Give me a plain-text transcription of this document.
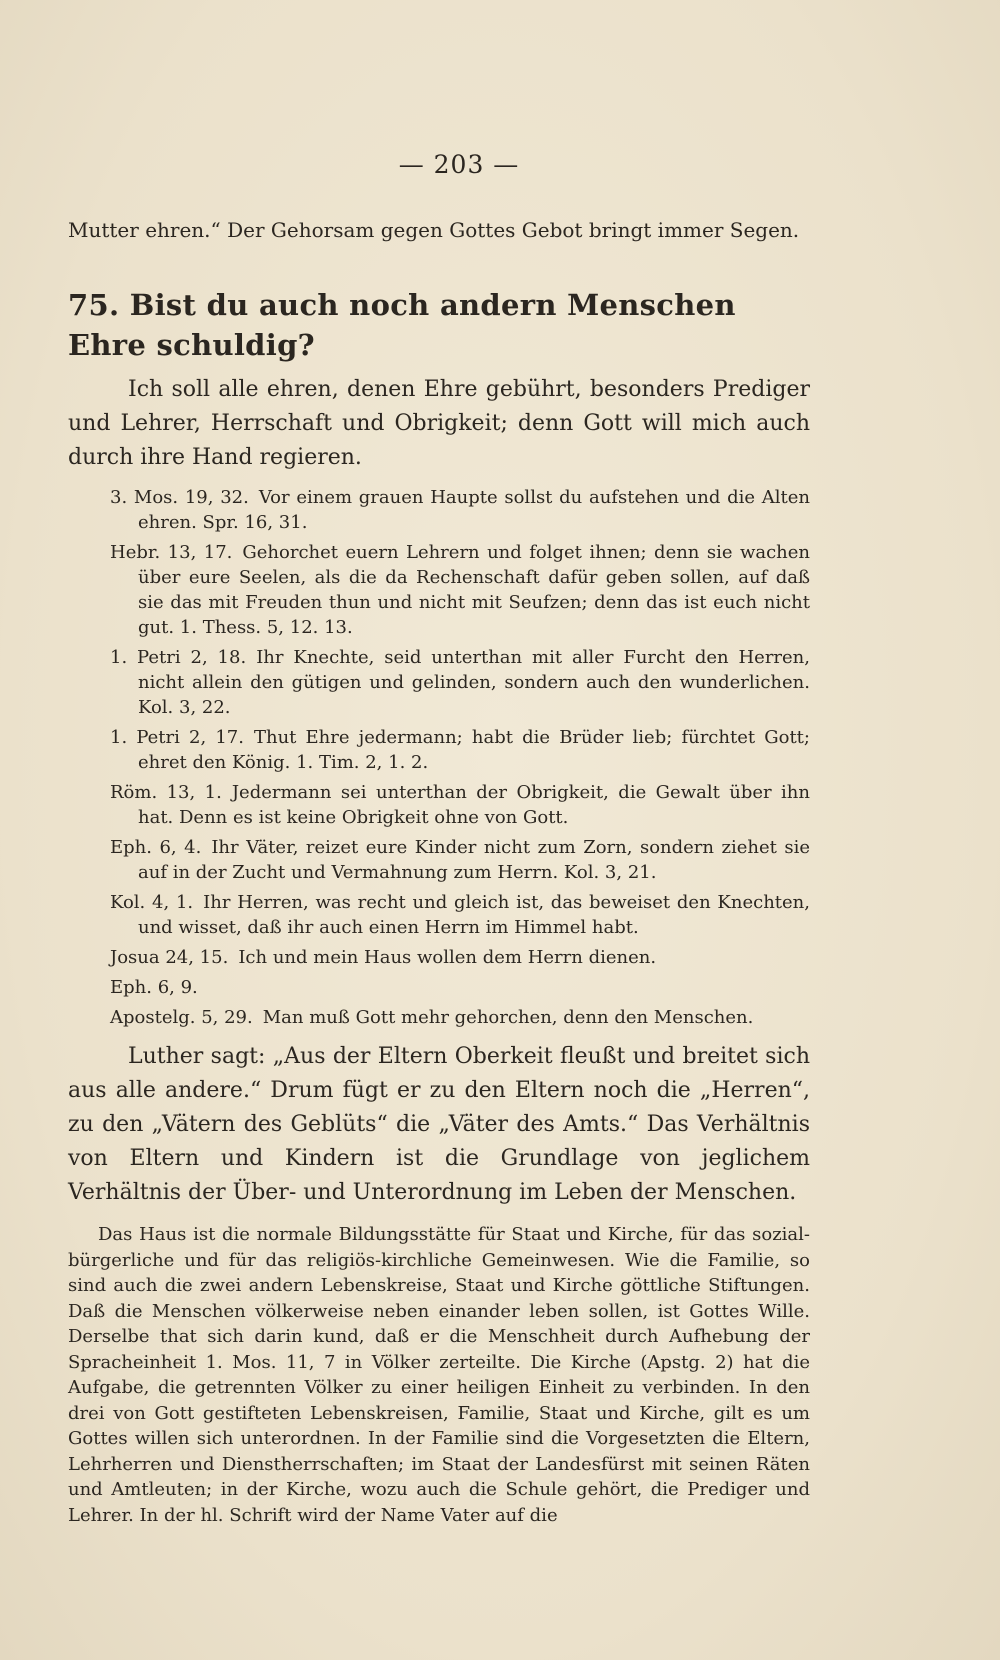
— 203 —

Mutter ehren.“ Der Gehorsam gegen Gottes Gebot bringt immer Segen.

75. Bist du auch noch andern Menschen Ehre schuldig?

Ich soll alle ehren, denen Ehre gebührt, besonders Prediger und Lehrer, Herrschaft und Obrigkeit; denn Gott will mich auch durch ihre Hand regieren.

3. Mos. 19, 32. Vor einem grauen Haupte sollst du aufstehen und die Alten ehren. Spr. 16, 31.

Hebr. 13, 17. Gehorchet euern Lehrern und folget ihnen; denn sie wachen über eure Seelen, als die da Rechenschaft dafür geben sollen, auf daß sie das mit Freuden thun und nicht mit Seufzen; denn das ist euch nicht gut. 1. Thess. 5, 12. 13.

1. Petri 2, 18. Ihr Knechte, seid unterthan mit aller Furcht den Herren, nicht allein den gütigen und gelinden, sondern auch den wunderlichen. Kol. 3, 22.

1. Petri 2, 17. Thut Ehre jedermann; habt die Brüder lieb; fürchtet Gott; ehret den König. 1. Tim. 2, 1. 2.

Röm. 13, 1. Jedermann sei unterthan der Obrigkeit, die Gewalt über ihn hat. Denn es ist keine Obrigkeit ohne von Gott.

Eph. 6, 4. Ihr Väter, reizet eure Kinder nicht zum Zorn, sondern ziehet sie auf in der Zucht und Vermahnung zum Herrn. Kol. 3, 21.

Kol. 4, 1. Ihr Herren, was recht und gleich ist, das beweiset den Knechten, und wisset, daß ihr auch einen Herrn im Himmel habt.

Josua 24, 15. Ich und mein Haus wollen dem Herrn dienen.

Eph. 6, 9.

Apostelg. 5, 29. Man muß Gott mehr gehorchen, denn den Menschen.

Luther sagt: „Aus der Eltern Oberkeit fleußt und breitet sich aus alle andere.“ Drum fügt er zu den Eltern noch die „Herren“, zu den „Vätern des Geblüts“ die „Väter des Amts.“ Das Verhältnis von Eltern und Kindern ist die Grundlage von jeglichem Verhältnis der Über- und Unterordnung im Leben der Menschen.

Das Haus ist die normale Bildungsstätte für Staat und Kirche, für das sozial-bürgerliche und für das religiös-kirchliche Gemeinwesen. Wie die Familie, so sind auch die zwei andern Lebenskreise, Staat und Kirche göttliche Stiftungen. Daß die Menschen völkerweise neben einander leben sollen, ist Gottes Wille. Derselbe that sich darin kund, daß er die Menschheit durch Aufhebung der Spracheinheit 1. Mos. 11, 7 in Völker zerteilte. Die Kirche (Apstg. 2) hat die Aufgabe, die getrennten Völker zu einer heiligen Einheit zu verbinden. In den drei von Gott gestifteten Lebenskreisen, Familie, Staat und Kirche, gilt es um Gottes willen sich unterordnen. In der Familie sind die Vorgesetzten die Eltern, Lehrherren und Dienstherrschaften; im Staat der Landesfürst mit seinen Räten und Amtleuten; in der Kirche, wozu auch die Schule gehört, die Prediger und Lehrer. In der hl. Schrift wird der Name Vater auf die
